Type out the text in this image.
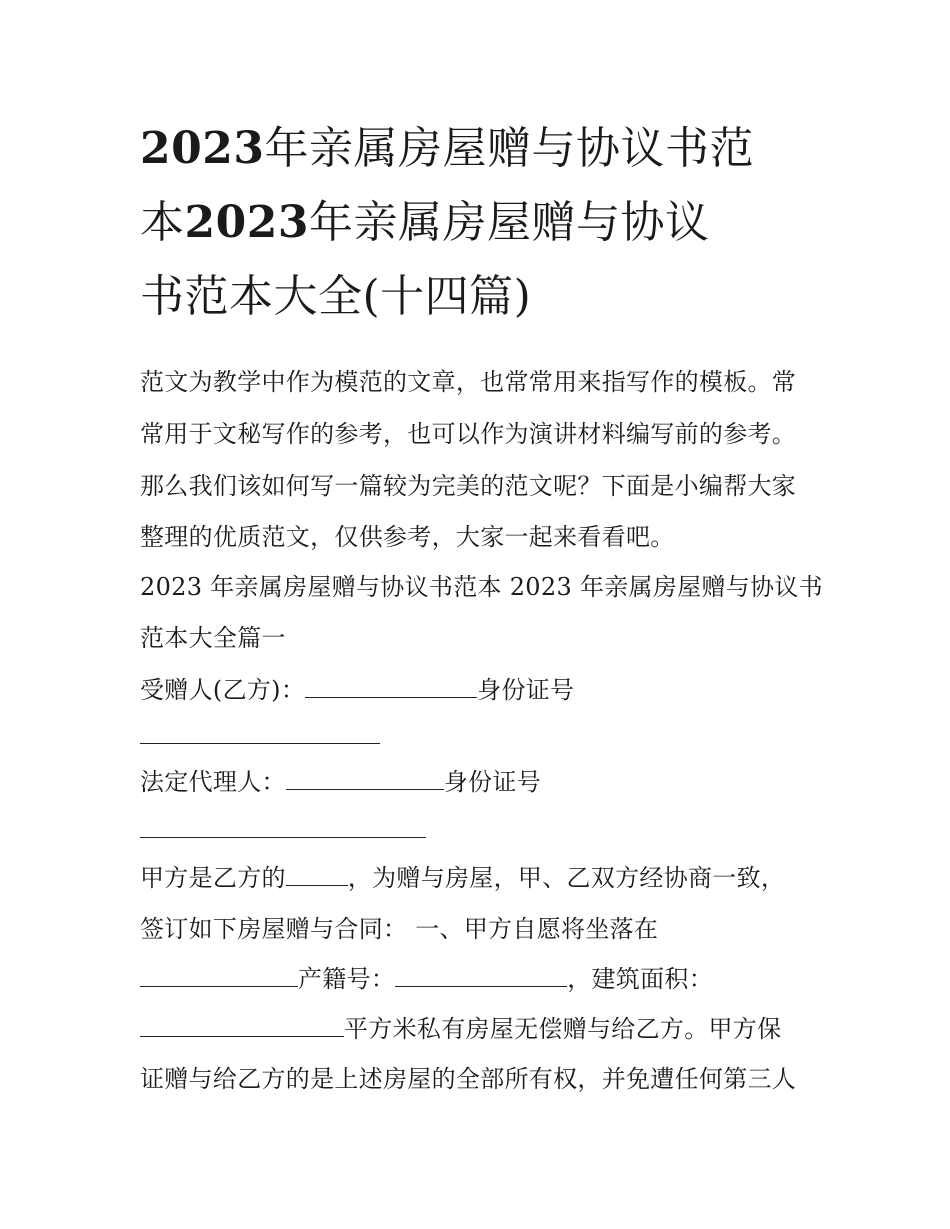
2023年亲属房屋赠与协议书范
本2023年亲属房屋赠与协议
书范本大全(十四篇)
范文为教学中作为模范的文章，也常常用来指写作的模板。常
常用于文秘写作的参考，也可以作为演讲材料编写前的参考。
那么我们该如何写一篇较为完美的范文呢？下面是小编帮大家
整理的优质范文，仅供参考，大家一起来看看吧。
2023 年亲属房屋赠与协议书范本 2023 年亲属房屋赠与协议书
范本大全篇一
受赠人(乙方)：	身份证号
法定代理人：	身份证号
甲方是乙方的	，为赠与房屋，甲、乙双方经协商一致，
签订如下房屋赠与合同： 一、甲方自愿将坐落在
产籍号：	，建筑面积：
平方米私有房屋无偿赠与给乙方。甲方保
证赠与给乙方的是上述房屋的全部所有权，并免遭任何第三人
